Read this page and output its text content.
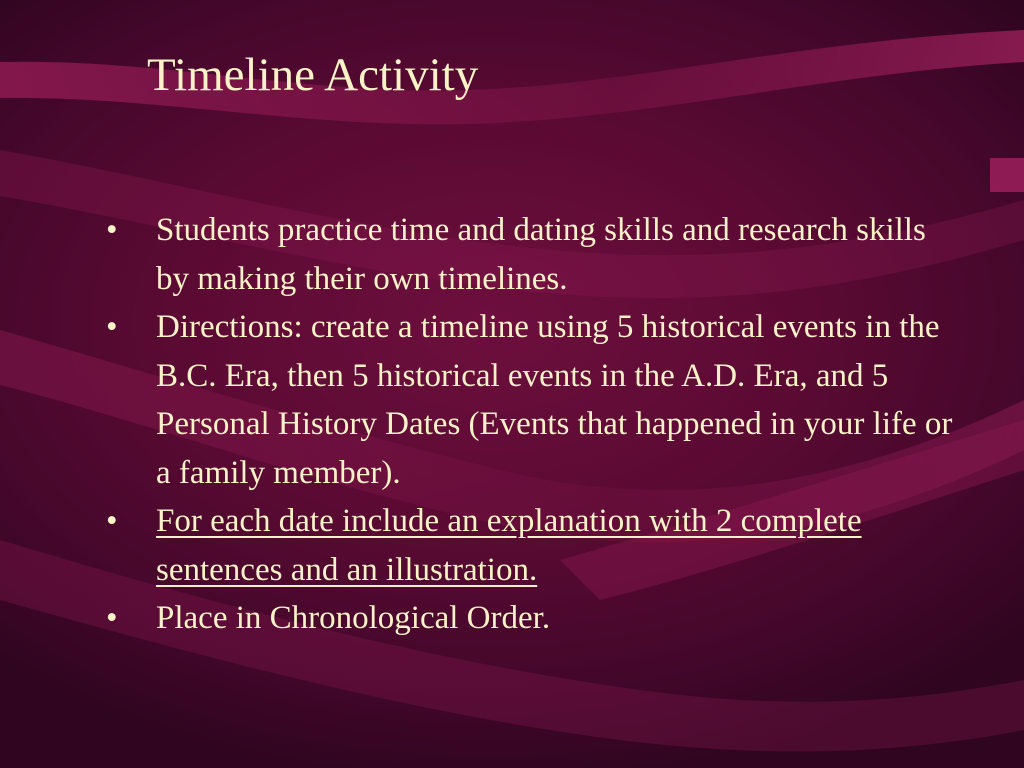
Timeline Activity
• Students practice time and dating skills and research skills by making their own timelines.
• Directions: create a timeline using 5 historical events in the B.C. Era, then 5 historical events in the A.D. Era, and 5 Personal History Dates (Events that happened in your life or a family member).
• For each date include an explanation with 2 complete sentences and an illustration.
• Place in Chronological Order.
